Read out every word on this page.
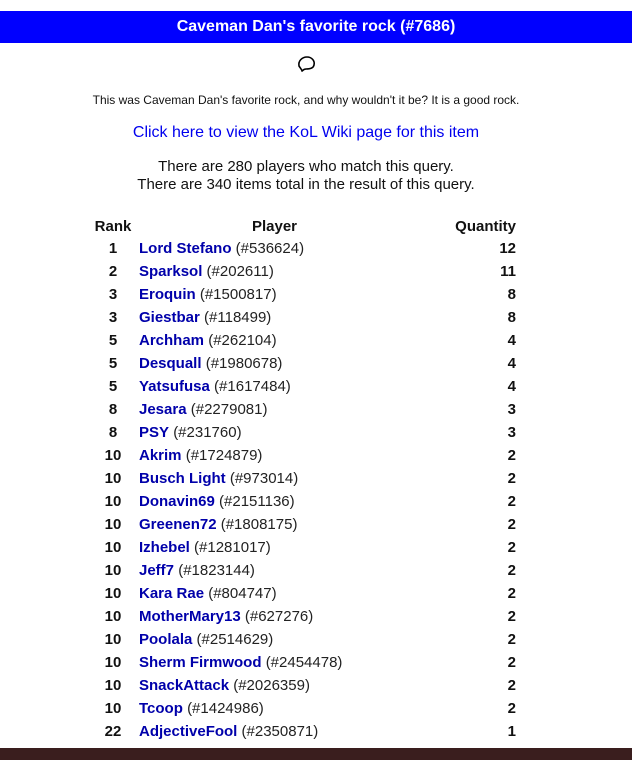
Caveman Dan's favorite rock (#7686)
This was Caveman Dan's favorite rock, and why wouldn't it be? It is a good rock.
Click here to view the KoL Wiki page for this item
There are 280 players who match this query.
There are 340 items total in the result of this query.
Rank	Player	Quantity
1	Lord Stefano (#536624)	12
2	Sparksol (#202611)	11
3	Eroquin (#1500817)	8
3	Giestbar (#118499)	8
5	Archham (#262104)	4
5	Desquall (#1980678)	4
5	Yatsufusa (#1617484)	4
8	Jesara (#2279081)	3
8	PSY (#231760)	3
10	Akrim (#1724879)	2
10	Busch Light (#973014)	2
10	Donavin69 (#2151136)	2
10	Greenen72 (#1808175)	2
10	Izhebel (#1281017)	2
10	Jeff7 (#1823144)	2
10	Kara Rae (#804747)	2
10	MotherMary13 (#627276)	2
10	Poolala (#2514629)	2
10	Sherm Firmwood (#2454478)	2
10	SnackAttack (#2026359)	2
10	Tcoop (#1424986)	2
22	AdjectiveFool (#2350871)	1
